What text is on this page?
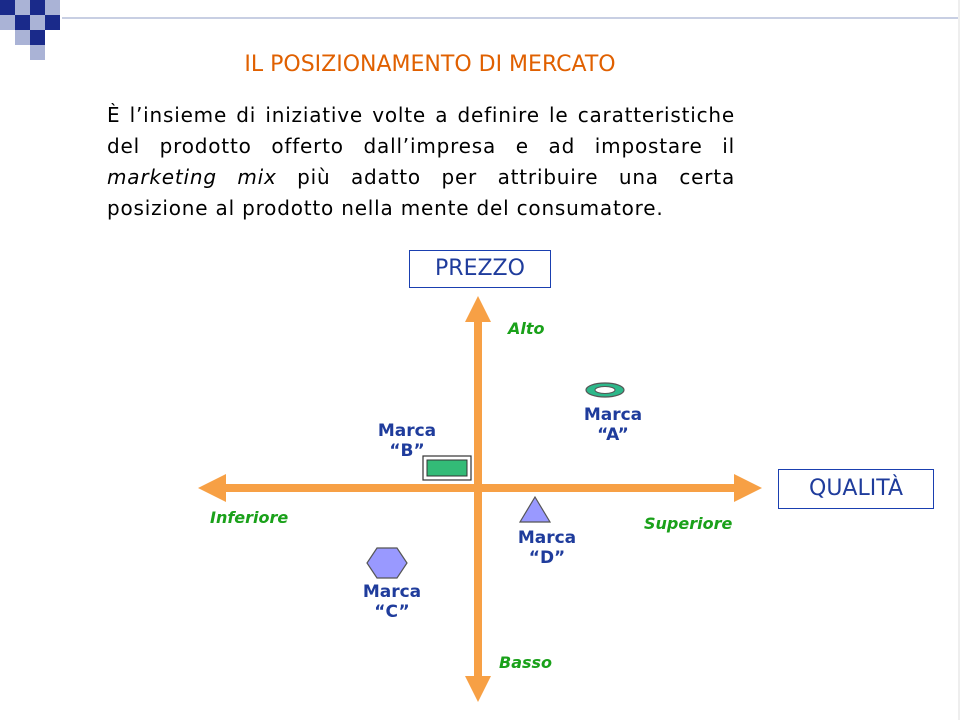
IL POSIZIONAMENTO DI MERCATO

È l’insieme di iniziative volte a definire le caratteristiche del prodotto offerto dall’impresa e ad impostare il marketing mix più adatto per attribuire una certa posizione al prodotto nella mente del consumatore.

PREZZO
QUALITÀ
Alto
Basso
Inferiore	Superiore
Marca
“A”
Marca
“B”
Marca
“C”
Marca
“D”
